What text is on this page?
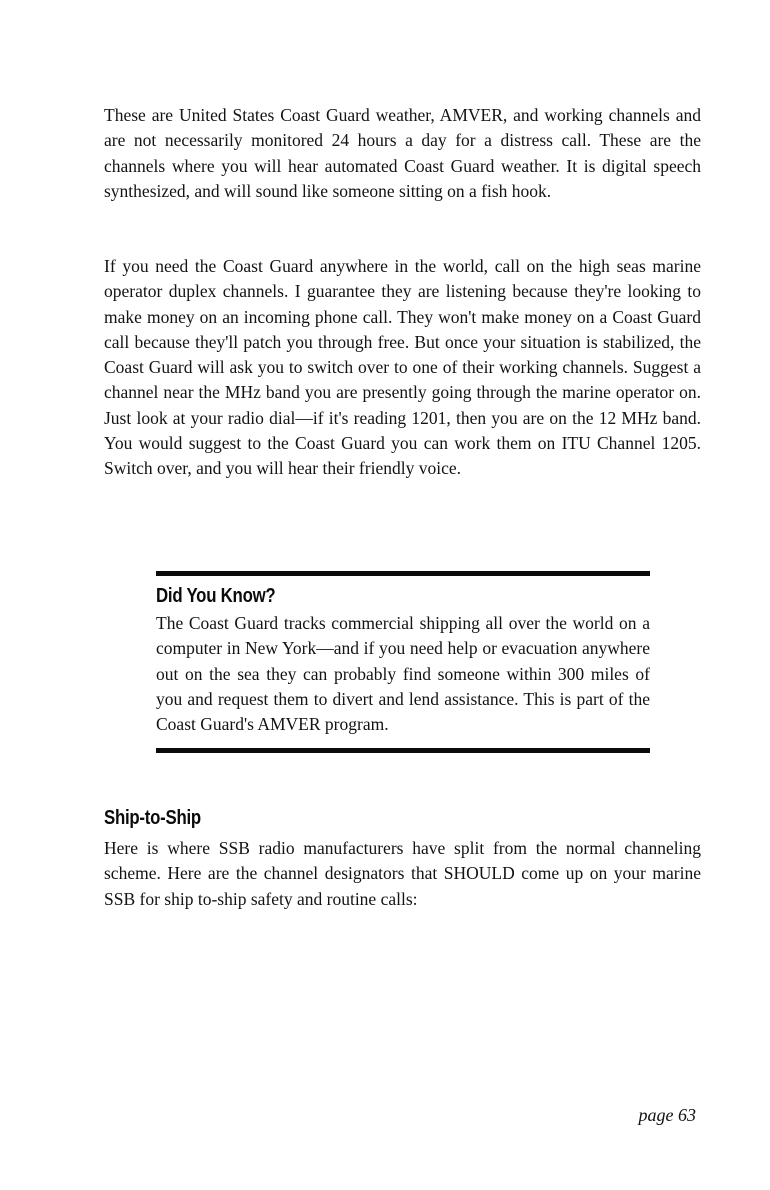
These are United States Coast Guard weather, AMVER, and working channels and are not necessarily monitored 24 hours a day for a distress call. These are the channels where you will hear automated Coast Guard weather. It is digital speech synthesized, and will sound like someone sitting on a fish hook.

If you need the Coast Guard anywhere in the world, call on the high seas marine operator duplex channels. I guarantee they are listening because they're looking to make money on an incoming phone call. They won't make money on a Coast Guard call because they'll patch you through free. But once your situation is stabilized, the Coast Guard will ask you to switch over to one of their working channels. Suggest a channel near the MHz band you are presently going through the marine operator on. Just look at your radio dial—if it's reading 1201, then you are on the 12 MHz band. You would suggest to the Coast Guard you can work them on ITU Channel 1205. Switch over, and you will hear their friendly voice.

Did You Know?

The Coast Guard tracks commercial shipping all over the world on a computer in New York—and if you need help or evacuation anywhere out on the sea they can probably find someone within 300 miles of you and request them to divert and lend assistance. This is part of the Coast Guard's AMVER program.

Ship-to-Ship

Here is where SSB radio manufacturers have split from the normal channeling scheme. Here are the channel designators that SHOULD come up on your marine SSB for ship to-ship safety and routine calls:

page 63
